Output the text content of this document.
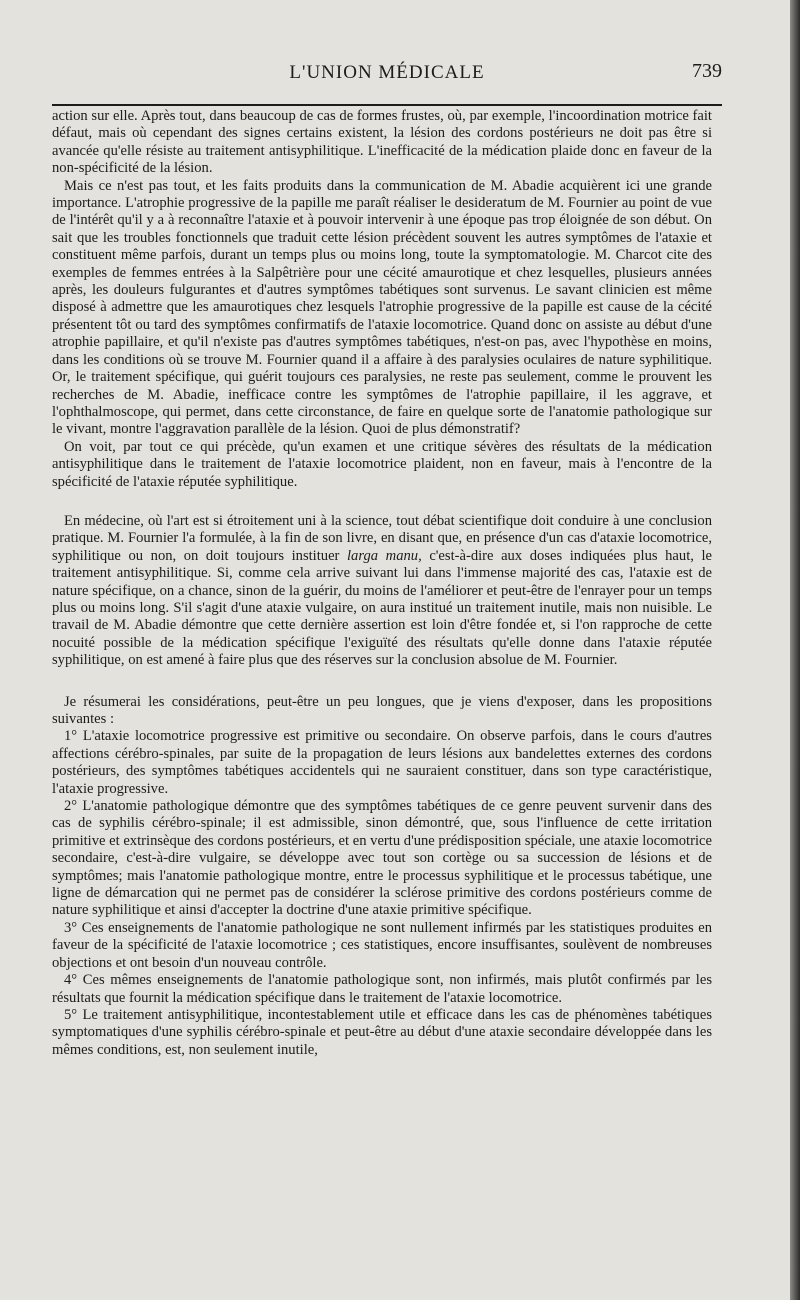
L'UNION MÉDICALE	739

action sur elle. Après tout, dans beaucoup de cas de formes frustes, où, par exemple, l'incoordination motrice fait défaut, mais où cependant des signes certains existent, la lésion des cordons postérieurs ne doit pas être si avancée qu'elle résiste au traitement antisyphilitique. L'inefficacité de la médication plaide donc en faveur de la non-spécificité de la lésion.

Mais ce n'est pas tout, et les faits produits dans la communication de M. Abadie acquièrent ici une grande importance. L'atrophie progressive de la papille me paraît réaliser le desideratum de M. Fournier au point de vue de l'intérêt qu'il y a à reconnaître l'ataxie et à pouvoir intervenir à une époque pas trop éloignée de son début. On sait que les troubles fonctionnels que traduit cette lésion précèdent souvent les autres symptômes de l'ataxie et constituent même parfois, durant un temps plus ou moins long, toute la symptomatologie. M. Charcot cite des exemples de femmes entrées à la Salpêtrière pour une cécité amaurotique et chez lesquelles, plusieurs années après, les douleurs fulgurantes et d'autres symptômes tabétiques sont survenus. Le savant clinicien est même disposé à admettre que les amaurotiques chez lesquels l'atrophie progressive de la papille est cause de la cécité présentent tôt ou tard des symptômes confirmatifs de l'ataxie locomotrice. Quand donc on assiste au début d'une atrophie papillaire, et qu'il n'existe pas d'autres symptômes tabétiques, n'est-on pas, avec l'hypothèse en moins, dans les conditions où se trouve M. Fournier quand il a affaire à des paralysies oculaires de nature syphilitique. Or, le traitement spécifique, qui guérit toujours ces paralysies, ne reste pas seulement, comme le prouvent les recherches de M. Abadie, inefficace contre les symptômes de l'atrophie papillaire, il les aggrave, et l'ophthalmoscope, qui permet, dans cette circonstance, de faire en quelque sorte de l'anatomie pathologique sur le vivant, montre l'aggravation parallèle de la lésion. Quoi de plus démonstratif?

On voit, par tout ce qui précède, qu'un examen et une critique sévères des résultats de la médication antisyphilitique dans le traitement de l'ataxie locomotrice plaident, non en faveur, mais à l'encontre de la spécificité de l'ataxie réputée syphilitique.

En médecine, où l'art est si étroitement uni à la science, tout débat scientifique doit conduire à une conclusion pratique. M. Fournier l'a formulée, à la fin de son livre, en disant que, en présence d'un cas d'ataxie locomotrice, syphilitique ou non, on doit toujours instituer larga manu, c'est-à-dire aux doses indiquées plus haut, le traitement antisyphilitique. Si, comme cela arrive suivant lui dans l'immense majorité des cas, l'ataxie est de nature spécifique, on a chance, sinon de la guérir, du moins de l'améliorer et peut-être de l'enrayer pour un temps plus ou moins long. S'il s'agit d'une ataxie vulgaire, on aura institué un traitement inutile, mais non nuisible. Le travail de M. Abadie démontre que cette dernière assertion est loin d'être fondée et, si l'on rapproche de cette nocuité possible de la médication spécifique l'exiguïté des résultats qu'elle donne dans l'ataxie réputée syphilitique, on est amené à faire plus que des réserves sur la conclusion absolue de M. Fournier.

Je résumerai les considérations, peut-être un peu longues, que je viens d'exposer, dans les propositions suivantes :

1° L'ataxie locomotrice progressive est primitive ou secondaire. On observe parfois, dans le cours d'autres affections cérébro-spinales, par suite de la propagation de leurs lésions aux bandelettes externes des cordons postérieurs, des symptômes tabétiques accidentels qui ne sauraient constituer, dans son type caractéristique, l'ataxie progressive.

2° L'anatomie pathologique démontre que des symptômes tabétiques de ce genre peuvent survenir dans des cas de syphilis cérébro-spinale; il est admissible, sinon démontré, que, sous l'influence de cette irritation primitive et extrinsèque des cordons postérieurs, et en vertu d'une prédisposition spéciale, une ataxie locomotrice secondaire, c'est-à-dire vulgaire, se développe avec tout son cortège ou sa succession de lésions et de symptômes; mais l'anatomie pathologique montre, entre le processus syphilitique et le processus tabétique, une ligne de démarcation qui ne permet pas de considérer la sclérose primitive des cordons postérieurs comme de nature syphilitique et ainsi d'accepter la doctrine d'une ataxie primitive spécifique.

3° Ces enseignements de l'anatomie pathologique ne sont nullement infirmés par les statistiques produites en faveur de la spécificité de l'ataxie locomotrice ; ces statistiques, encore insuffisantes, soulèvent de nombreuses objections et ont besoin d'un nouveau contrôle.

4° Ces mêmes enseignements de l'anatomie pathologique sont, non infirmés, mais plutôt confirmés par les résultats que fournit la médication spécifique dans le traitement de l'ataxie locomotrice.

5° Le traitement antisyphilitique, incontestablement utile et efficace dans les cas de phénomènes tabétiques symptomatiques d'une syphilis cérébro-spinale et peut-être au début d'une ataxie secondaire développée dans les mêmes conditions, est, non seulement inutile,
